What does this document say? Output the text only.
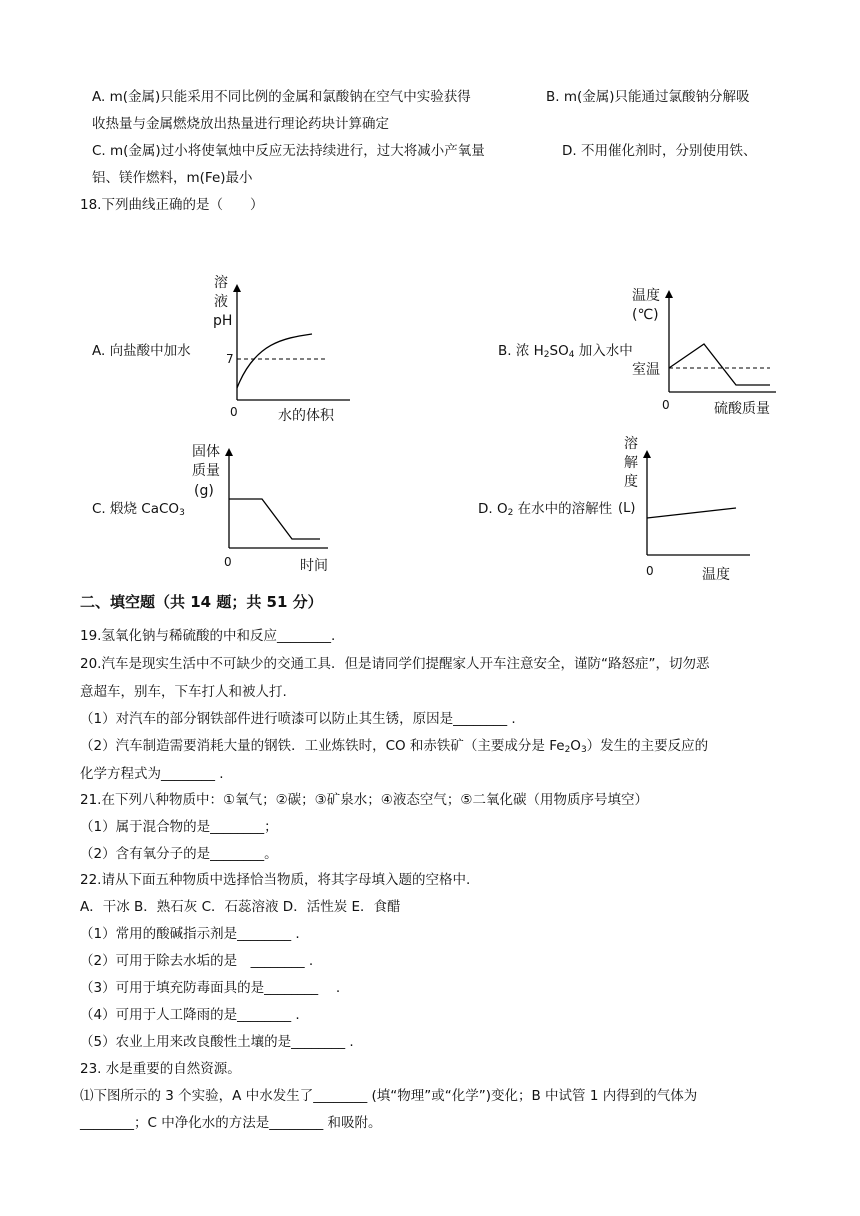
A. m(金属)只能采用不同比例的金属和氯酸钠在空气中实验获得	B. m(金属)只能通过氯酸钠分解吸
收热量与金属燃烧放出热量进行理论药块计算确定
C. m(金属)过小将使氧烛中反应无法持续进行，过大将减小产氧量	D. 不用催化剂时，分别使用铁、
铝、镁作燃料，m(Fe)最小
18.下列曲线正确的是（　　）
A. 向盐酸中加水	B. 浓 $H_2SO_4$ 加入水中
C. 煅烧 CaCO$_3$	D. $O_2$ 在水中的溶解性
溶
液
pH
7
0	水的体积
温度
(℃)
室温
0	硫酸质量
固体
质量
(g)
0	时间
溶
解
度
(L)
0	温度
二、填空题（共 14 题；共 51 分）
19.氢氧化钠与稀硫酸的中和反应________.
20.汽车是现实生活中不可缺少的交通工具．但是请同学们提醒家人开车注意安全，谨防“路怒症”，切勿恶
意超车，别车，下车打人和被人打.
（1）对汽车的部分钢铁部件进行喷漆可以防止其生锈，原因是________ .
（2）汽车制造需要消耗大量的钢铁．工业炼铁时，CO 和赤铁矿（主要成分是 $Fe_2O_3$）发生的主要反应的
化学方程式为________ .
21.在下列八种物质中：①氧气；②碳；③矿泉水；④液态空气；⑤二氧化碳（用物质序号填空）
（1）属于混合物的是________；
（2）含有氧分子的是________。
22.请从下面五种物质中选择恰当物质，将其字母填入题的空格中.
A．干冰 B．熟石灰 C．石蕊溶液 D．活性炭 E．食醋
（1）常用的酸碱指示剂是________ .
（2）可用于除去水垢的是　________ .
（3）可用于填充防毒面具的是________　 .
（4）可用于人工降雨的是________ .
（5）农业上用来改良酸性土壤的是________ .
23. 水是重要的自然资源。
⑴下图所示的 3 个实验，A 中水发生了________ (填“物理”或“化学”)变化；B 中试管 1 内得到的气体为
________；C 中净化水的方法是________ 和吸附。
